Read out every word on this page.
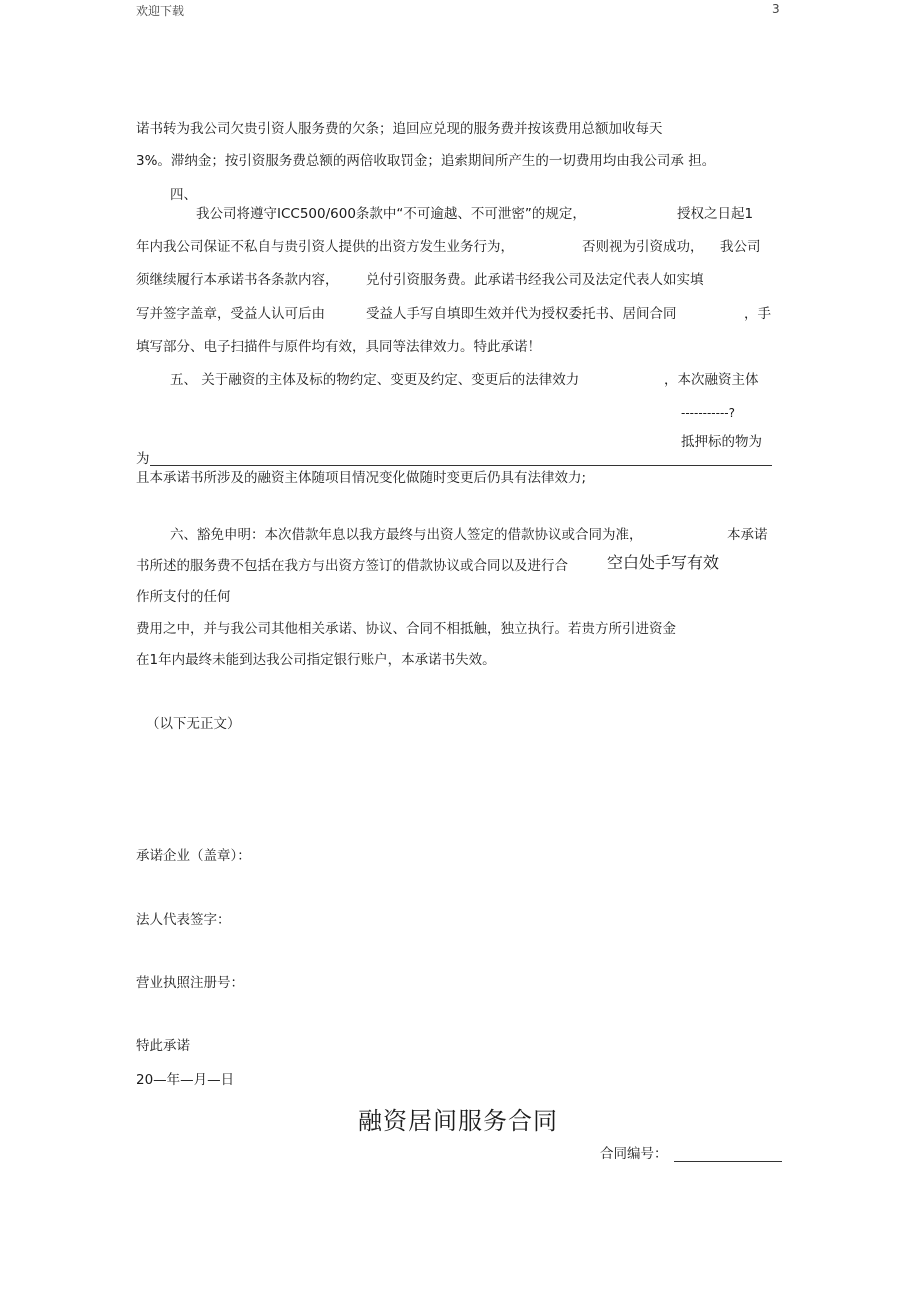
欢迎下载	3
诺书转为我公司欠贵引资人服务费的欠条；追回应兑现的服务费并按该费用总额加收每天
3%。滞纳金；按引资服务费总额的两倍收取罚金；追索期间所产生的一切费用均由我公司承 担。
四、
我公司将遵守ICC500/600条款中“不可逾越、不可泄密”的规定，	授权之日起1
年内我公司保证不私自与贵引资人提供的出资方发生业务行为，	否则视为引资成功， 我公司
须继续履行本承诺书各条款内容， 兑付引资服务费。此承诺书经我公司及法定代表人如实填
写并签字盖章，受益人认可后由	受益人手写自填即生效并代为授权委托书、居间合同	，手
填写部分、电子扫描件与原件均有效，具同等法律效力。特此承诺！
五、 关于融资的主体及标的物约定、变更及约定、变更后的法律效力	，本次融资主体
-----------?
抵押标的物为
为
且本承诺书所涉及的融资主体随项目情况变化做随时变更后仍具有法律效力;
六、豁免申明：本次借款年息以我方最终与出资人签定的借款协议或合同为准，	本承诺
书所述的服务费不包括在我方与出资方签订的借款协议或合同以及进行合 空白处手写有效
作所支付的任何
费用之中，并与我公司其他相关承诺、协议、合同不相抵触，独立执行。若贵方所引进资金
在1年内最终未能到达我公司指定银行账户，本承诺书失效。
（以下无正文）
承诺企业（盖章）：
法人代表签字：
营业执照注册号：
特此承诺
20—年—月—日
融资居间服务合同
合同编号：
